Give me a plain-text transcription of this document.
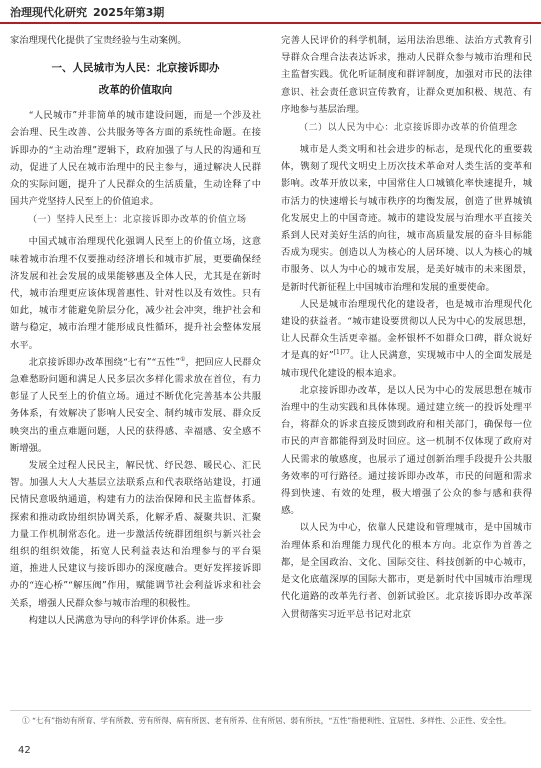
治理现代化研究 2025年第3期

家治理现代化提供了宝贵经验与生动案例。

一、人民城市为人民：北京接诉即办
改革的价值取向

“人民城市”并非简单的城市建设问题，而是一个涉及社会治理、民生改善、公共服务等各方面的系统性命题。在接诉即办的“主动治理”逻辑下，政府加强了与人民的沟通和互动，促进了人民在城市治理中的民主参与，通过解决人民群众的实际问题，提升了人民群众的生活质量，生动诠释了中国共产党坚持人民至上的价值追求。

（一）坚持人民至上：北京接诉即办改革的价值立场

中国式城市治理现代化强调人民至上的价值立场，这意味着城市治理不仅要推动经济增长和城市扩展，更要确保经济发展和社会发展的成果能够惠及全体人民，尤其是在新时代，城市治理更应该体现普惠性、针对性以及有效性。只有如此，城市才能避免阶层分化，减少社会冲突，维护社会和谐与稳定，城市治理才能形成良性循环，提升社会整体发展水平。

北京接诉即办改革围绕“七有”“五性”①，把回应人民群众急难愁盼问题和满足人民多层次多样化需求放在首位，有力彰显了人民至上的价值立场。通过不断优化完善基本公共服务体系，有效解决了影响人民安全、制约城市发展、群众反映突出的重点难题问题，人民的获得感、幸福感、安全感不断增强。

发展全过程人民民主，解民忧、纾民怨、暖民心、汇民智。加强人大人大基层立法联系点和代表联络站建设，打通民情民意吸纳通道，构建有力的法治保障和民主监督体系。探索和推动政协组织协调关系，化解矛盾、凝聚共识、汇聚力量工作机制常态化。进一步激活传统群团组织与新兴社会组织的组织效能，拓宽人民利益表达和治理参与的平台渠道，推进人民建议与接诉即办的深度融合。更好发挥接诉即办的“连心桥”“解压阀”作用，赋能调节社会利益诉求和社会关系，增强人民群众参与城市治理的积极性。

构建以人民满意为导向的科学评价体系。进一步

完善人民评价的科学机制，运用法治思维、法治方式教育引导群众合理合法表达诉求，推动人民群众参与城市治理和民主监督实践。优化听证制度和群评制度，加强对市民的法律意识、社会责任意识宣传教育，让群众更加积极、规范、有序地参与基层治理。

（二）以人民为中心：北京接诉即办改革的价值理念

城市是人类文明和社会进步的标志，是现代化的重要载体，镌刻了现代文明史上历次技术革命对人类生活的变革和影响。改革开放以来，中国常住人口城镇化率快速提升，城市活力的快速增长与城市秩序的均衡发展，创造了世界城镇化发展史上的中国奇迹。城市的建设发展与治理水平直接关系到人民对美好生活的向往，城市高质量发展的奋斗目标能否成为现实。创造以人为核心的人居环境、以人为核心的城市服务、以人为中心的城市发展，是美好城市的未来图景，是新时代新征程上中国城市治理和发展的重要使命。

人民是城市治理现代化的建设者，也是城市治理现代化建设的获益者。“城市建设要贯彻以人民为中心的发展思想，让人民群众生活更幸福。金杯银杯不如群众口碑，群众说好才是真的好”$^{[1]77}$。让人民满意，实现城市中人的全面发展是城市现代化建设的根本追求。

北京接诉即办改革，是以人民为中心的发展思想在城市治理中的生动实践和具体体现。通过建立统一的投诉处理平台，将群众的诉求直接反馈到政府和相关部门，确保每一位市民的声音都能得到及时回应。这一机制不仅体现了政府对人民需求的敏感度，也展示了通过创新治理手段提升公共服务效率的可行路径。通过接诉即办改革，市民的问题和需求得到快速、有效的处理，极大增强了公众的参与感和获得感。

以人民为中心，依靠人民建设和管理城市，是中国城市治理体系和治理能力现代化的根本方向。北京作为首善之都，是全国政治、文化、国际交往、科技创新的中心城市，是文化底蕴深厚的国际大都市，更是新时代中国城市治理现代化道路的改革先行者、创新试验区。北京接诉即办改革深入贯彻落实习近平总书记对北京

① “七有”指幼有所育、学有所教、劳有所得、病有所医、老有所养、住有所居、弱有所扶，“五性”指便利性、宜居性、多样性、公正性、安全性。
42
